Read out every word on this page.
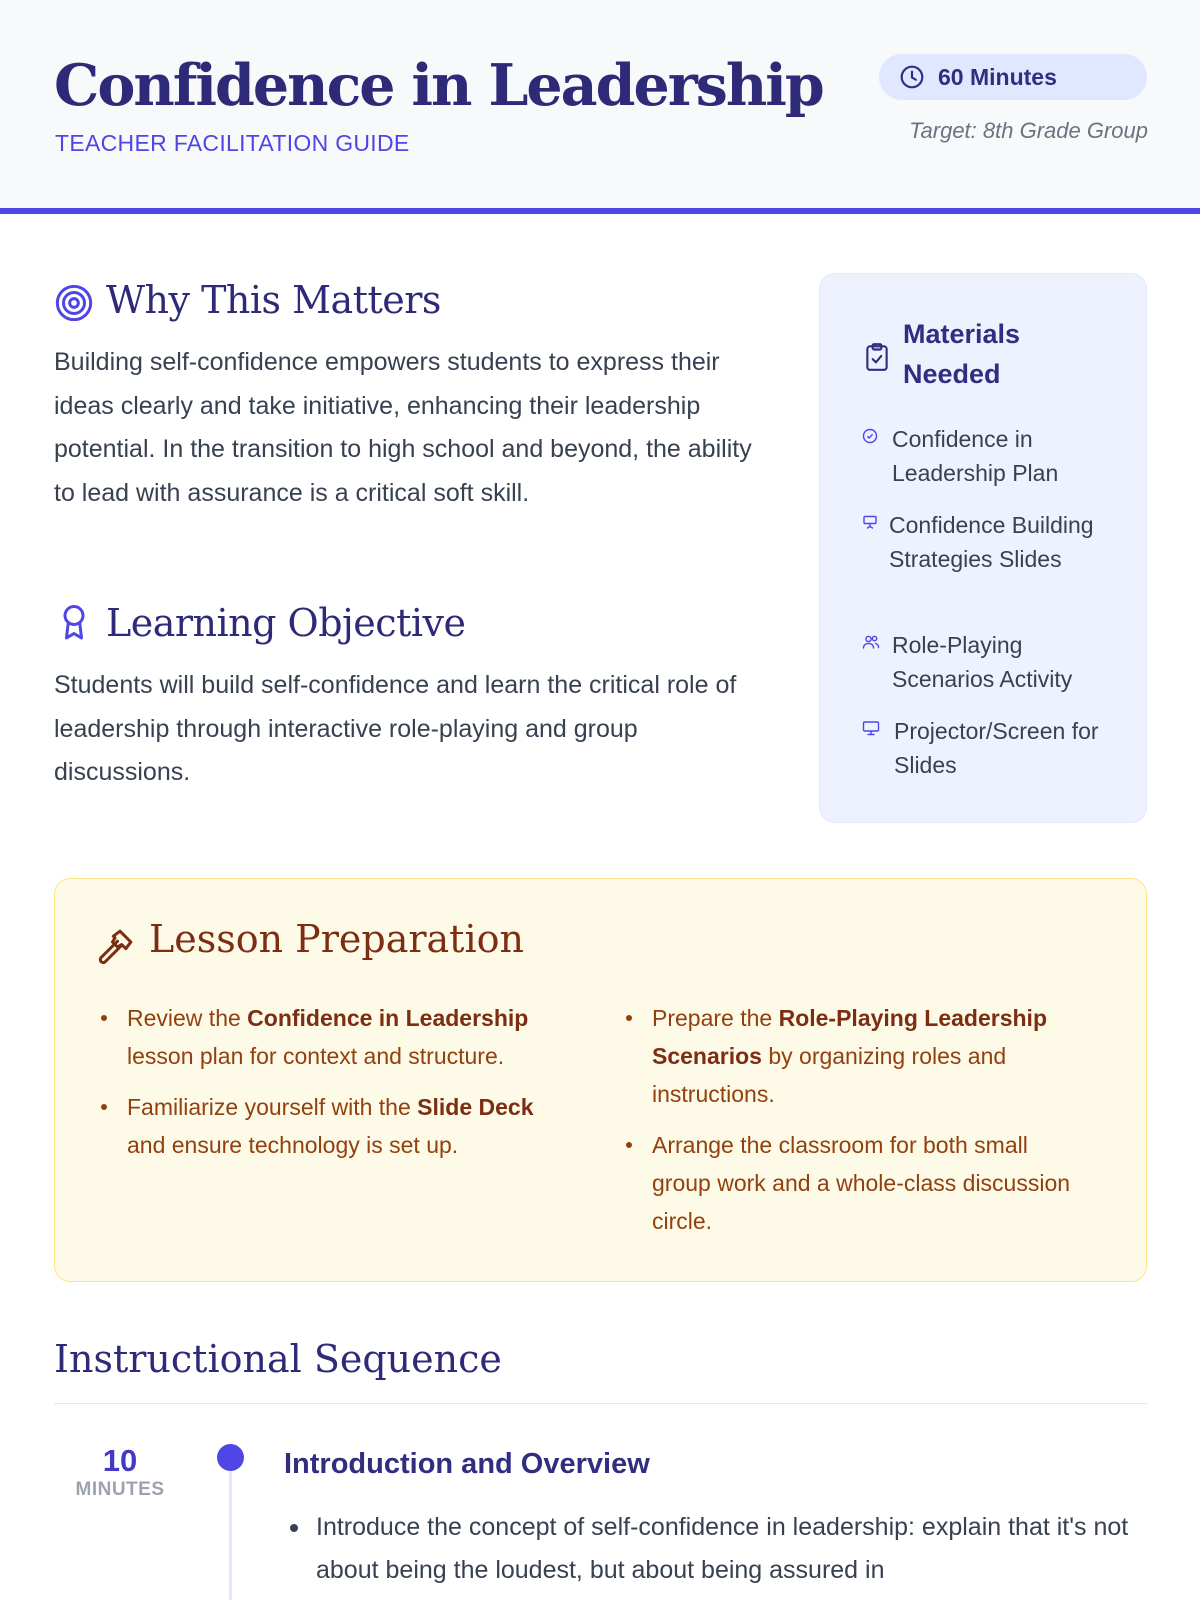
Confidence in Leadership
TEACHER FACILITATION GUIDE
60 Minutes
Target: 8th Grade Group
Why This Matters
Building self-confidence empowers students to express their ideas clearly and take initiative, enhancing their leadership potential. In the transition to high school and beyond, the ability to lead with assurance is a critical soft skill.
Learning Objective
Students will build self-confidence and learn the critical role of leadership through interactive role-playing and group discussions.
Materials Needed
Confidence in Leadership Plan
Confidence Building Strategies Slides
Role-Playing Scenarios Activity
Projector/Screen for Slides
Lesson Preparation
Review the Confidence in Leadership lesson plan for context and structure.
Familiarize yourself with the Slide Deck and ensure technology is set up.
Prepare the Role-Playing Leadership Scenarios by organizing roles and instructions.
Arrange the classroom for both small group work and a whole-class discussion circle.
Instructional Sequence
10
MINUTES
Introduction and Overview
Introduce the concept of self-confidence in leadership: explain that it's not about being the loudest, but about being assured in
